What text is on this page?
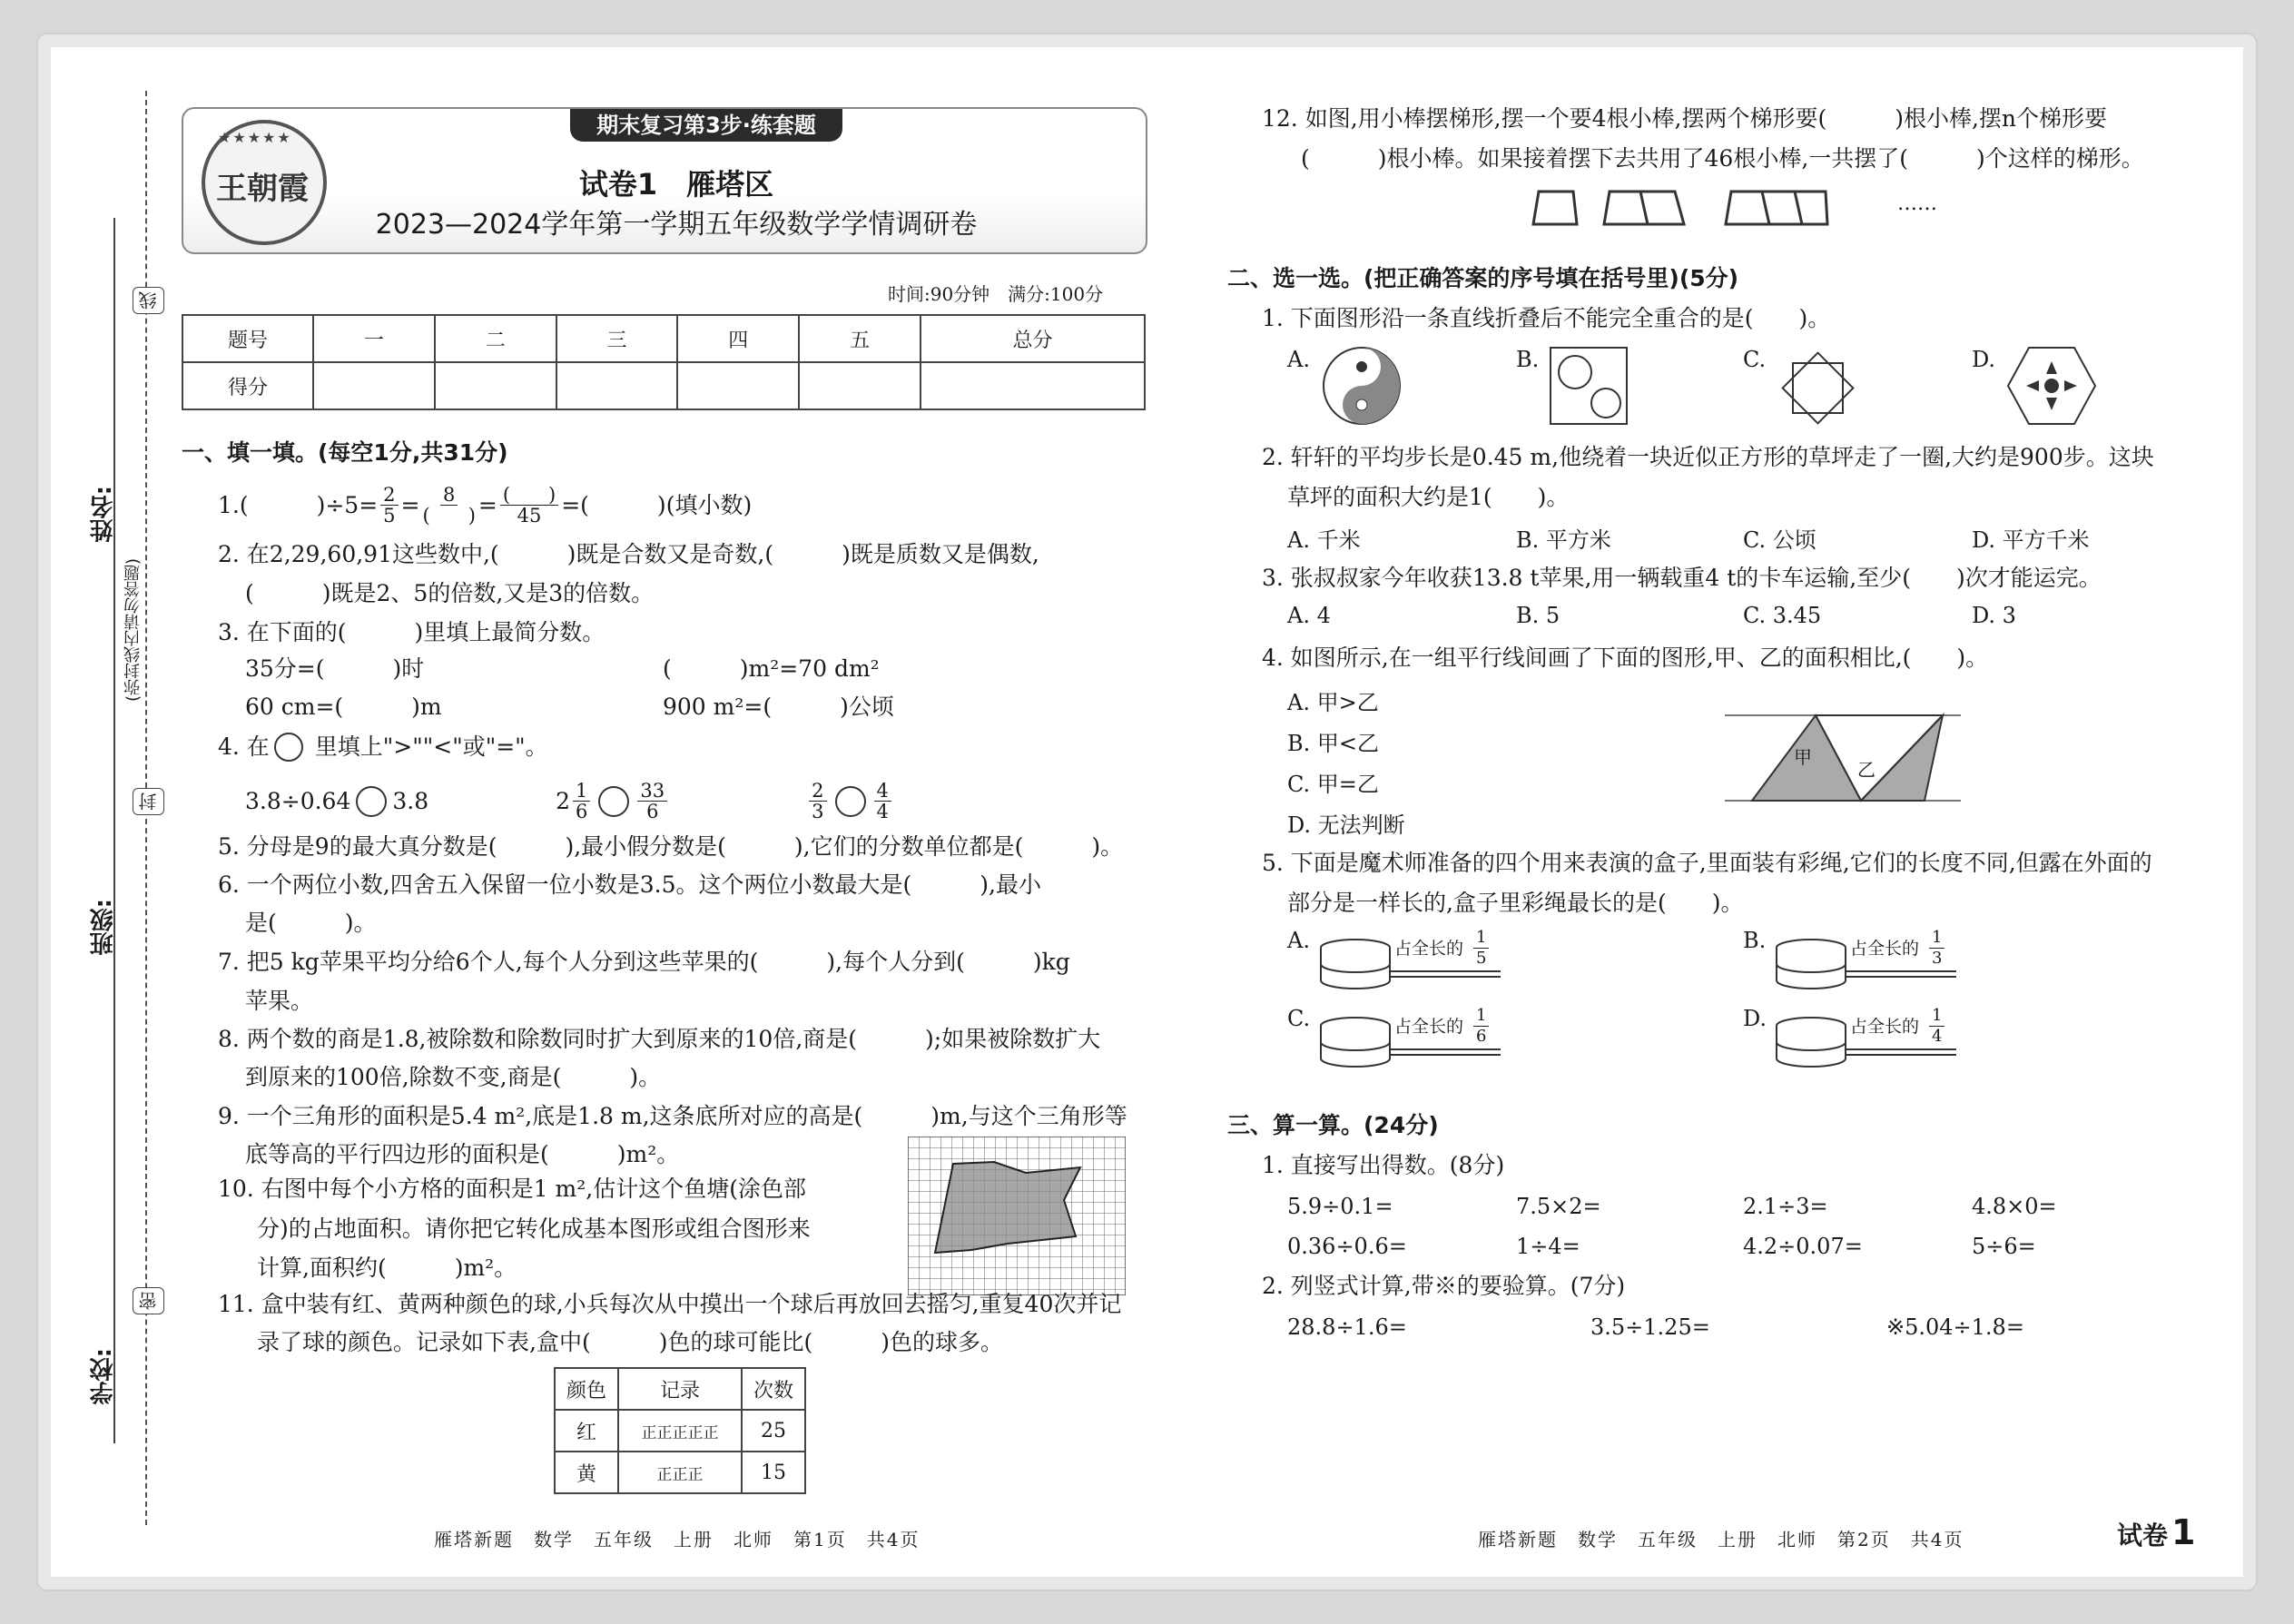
姓名:
班级:
学校:
线
封
密
(弥封线内请勿答题)
期末复习第3步·练套题
★★★★★
王朝霞	试卷1　雁塔区
2023—2024学年第一学期五年级数学学情调研卷
时间:90分钟　满分:100分
题号	一	二	三	四	五	总分
得分						
一、填一填。(每空1分,共31分)
1.(　　　)$\div 5= \frac{2}{5} = \frac{8}{( )} = \frac{( )}{45}$ =(　　　)(填小数)
2. 在2,29,60,91这些数中,(　　　)既是合数又是奇数,(　　　)既是质数又是偶数,
(　　　)既是2、5的倍数,又是3的倍数。
3. 在下面的(　　　)里填上最简分数。
35分=(　　　)时	(　　　)m²=70 dm²
60 cm=(　　　)m	900 m²=(　　　)公顷
4. 在　　里填上">""<"或"="。
3.8÷0.64 3.8	$2 \frac{1}{6} \frac{33}{6}$	$\frac{2}{3} \frac{4}{4}$
5. 分母是9的最大真分数是(　　　),最小假分数是(　　　),它们的分数单位都是(　　　)。
6. 一个两位小数,四舍五入保留一位小数是3.5。这个两位小数最大是(　　　),最小
是(　　　)。
7. 把5 kg苹果平均分给6个人,每个人分到这些苹果的(　　　),每个人分到(　　　)kg
苹果。
8. 两个数的商是1.8,被除数和除数同时扩大到原来的10倍,商是(　　　);如果被除数扩大
到原来的100倍,除数不变,商是(　　　)。
9. 一个三角形的面积是5.4 m²,底是1.8 m,这条底所对应的高是(　　　)m,与这个三角形等
底等高的平行四边形的面积是(　　　)m²。
10. 右图中每个小方格的面积是1 m²,估计这个鱼塘(涂色部
分)的占地面积。请你把它转化成基本图形或组合图形来
计算,面积约(　　　)m²。
11. 盒中装有红、黄两种颜色的球,小兵每次从中摸出一个球后再放回去摇匀,重复40次并记
录了球的颜色。记录如下表,盒中(　　　)色的球可能比(　　　)色的球多。
颜色	记录	次数
红	正正正正正	25
黄	正正正	15
雁塔新题　数学　五年级　上册　北师　第1页　共4页
12. 如图,用小棒摆梯形,摆一个要4根小棒,摆两个梯形要(　　　)根小棒,摆n个梯形要
(　　　)根小棒。如果接着摆下去共用了46根小棒,一共摆了(　　　)个这样的梯形。
……
二、选一选。(把正确答案的序号填在括号里)(5分)
1. 下面图形沿一条直线折叠后不能完全重合的是(　　)。
A.	B.	C.	D.
2. 轩轩的平均步长是0.45 m,他绕着一块近似正方形的草坪走了一圈,大约是900步。这块
草坪的面积大约是1(　　)。
A. 千米	B. 平方米	C. 公顷	D. 平方千米
3. 张叔叔家今年收获13.8 t苹果,用一辆载重4 t的卡车运输,至少(　　)次才能运完。
A. 4	B. 5	C. 3.45	D. 3
4. 如图所示,在一组平行线间画了下面的图形,甲、乙的面积相比,(　　)。
A. 甲>乙
B. 甲<乙
C. 甲=乙
D. 无法判断
甲
乙
5. 下面是魔术师准备的四个用来表演的盒子,里面装有彩绳,它们的长度不同,但露在外面的
部分是一样长的,盒子里彩绳最长的是(　　)。
A.	占全长的 $\frac{1}{5}$	B.	占全长的 $\frac{1}{3}$
C.	占全长的 $\frac{1}{6}$	D.	占全长的 $\frac{1}{4}$
三、算一算。(24分)
1. 直接写出得数。(8分)
5.9÷0.1=	7.5×2=	2.1÷3=	4.8×0=
0.36÷0.6=	1÷4=	4.2÷0.07=	5÷6=
2. 列竖式计算,带※的要验算。(7分)
28.8÷1.6=	3.5÷1.25=	※5.04÷1.8=
雁塔新题　数学　五年级　上册　北师　第2页　共4页	试卷 1
